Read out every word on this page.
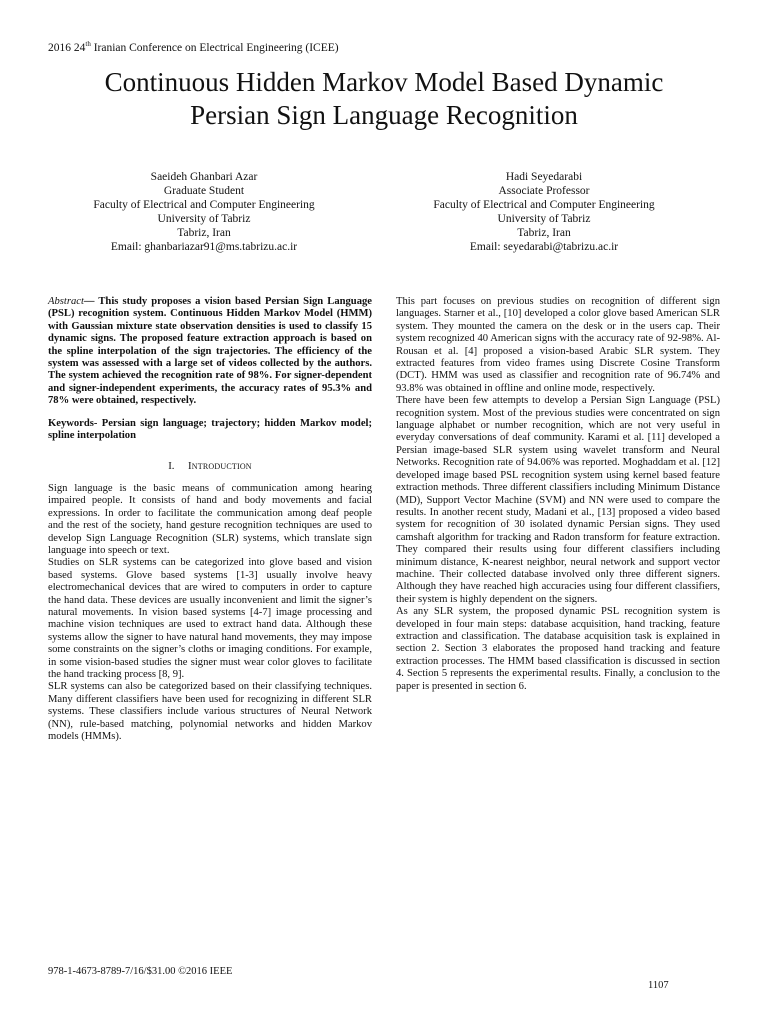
2016 24th Iranian Conference on Electrical Engineering (ICEE)
Continuous Hidden Markov Model Based Dynamic
Persian Sign Language Recognition
Saeideh Ghanbari Azar
Graduate Student
Faculty of Electrical and Computer Engineering
University of Tabriz
Tabriz, Iran
Email: ghanbariazar91@ms.tabrizu.ac.ir
Hadi Seyedarabi
Associate Professor
Faculty of Electrical and Computer Engineering
University of Tabriz
Tabriz, Iran
Email: seyedarabi@tabrizu.ac.ir

Abstract— This study proposes a vision based Persian Sign Language (PSL) recognition system. Continuous Hidden Markov Model (HMM) with Gaussian mixture state observation densities is used to classify 15 dynamic signs. The proposed feature extraction approach is based on the spline interpolation of the sign trajectories. The efficiency of the system was assessed with a large set of videos collected by the authors. The system achieved the recognition rate of 98%. For signer-dependent and signer-independent experiments, the accuracy rates of 95.3% and 78% were obtained, respectively.

Keywords- Persian sign language; trajectory; hidden Markov model; spline interpolation

I. Introduction

Sign language is the basic means of communication among hearing impaired people. It consists of hand and body movements and facial expressions. In order to facilitate the communication among deaf people and the rest of the society, hand gesture recognition techniques are used to develop Sign Language Recognition (SLR) systems, which translate sign language into speech or text.

Studies on SLR systems can be categorized into glove based and vision based systems. Glove based systems [1-3] usually involve heavy electromechanical devices that are wired to computers in order to capture the hand data. These devices are usually inconvenient and limit the signer’s natural movements. In vision based systems [4-7] image processing and machine vision techniques are used to extract hand data. Although these systems allow the signer to have natural hand movements, they may impose some constraints on the signer’s cloths or imaging conditions. For example, in some vision-based studies the signer must wear color gloves to facilitate the hand tracking process [8, 9].

SLR systems can also be categorized based on their classifying techniques. Many different classifiers have been used for recognizing in different SLR systems. These classifiers include various structures of Neural Network (NN), rule-based matching, polynomial networks and hidden Markov models (HMMs).

This part focuses on previous studies on recognition of different sign languages. Starner et al., [10] developed a color glove based American SLR system. They mounted the camera on the desk or in the users cap. Their system recognized 40 American signs with the accuracy rate of 92-98%. Al-Rousan et al. [4] proposed a vision-based Arabic SLR system. They extracted features from video frames using Discrete Cosine Transform (DCT). HMM was used as classifier and recognition rate of 96.74% and 93.8% was obtained in offline and online mode, respectively.

There have been few attempts to develop a Persian Sign Language (PSL) recognition system. Most of the previous studies were concentrated on sign language alphabet or number recognition, which are not very useful in everyday conversations of deaf community. Karami et al. [11] developed a Persian image-based SLR system using wavelet transform and Neural Networks. Recognition rate of 94.06% was reported. Moghaddam et al. [12] developed image based PSL recognition system using kernel based feature extraction methods. Three different classifiers including Minimum Distance (MD), Support Vector Machine (SVM) and NN were used to compare the results. In another recent study, Madani et al., [13] proposed a video based system for recognition of 30 isolated dynamic Persian signs. They used camshaft algorithm for tracking and Radon transform for feature extraction. They compared their results using four different classifiers including minimum distance, K-nearest neighbor, neural network and support vector machine. Their collected database involved only three different signers. Although they have reached high accuracies using four different classifiers, their system is highly dependent on the signers.

As any SLR system, the proposed dynamic PSL recognition system is developed in four main steps: database acquisition, hand tracking, feature extraction and classification. The database acquisition task is explained in section 2. Section 3 elaborates the proposed hand tracking and feature extraction processes. The HMM based classification is discussed in section 4. Section 5 represents the experimental results. Finally, a conclusion to the paper is presented in section 6.

978-1-4673-8789-7/16/$31.00 ©2016 IEEE
1107
